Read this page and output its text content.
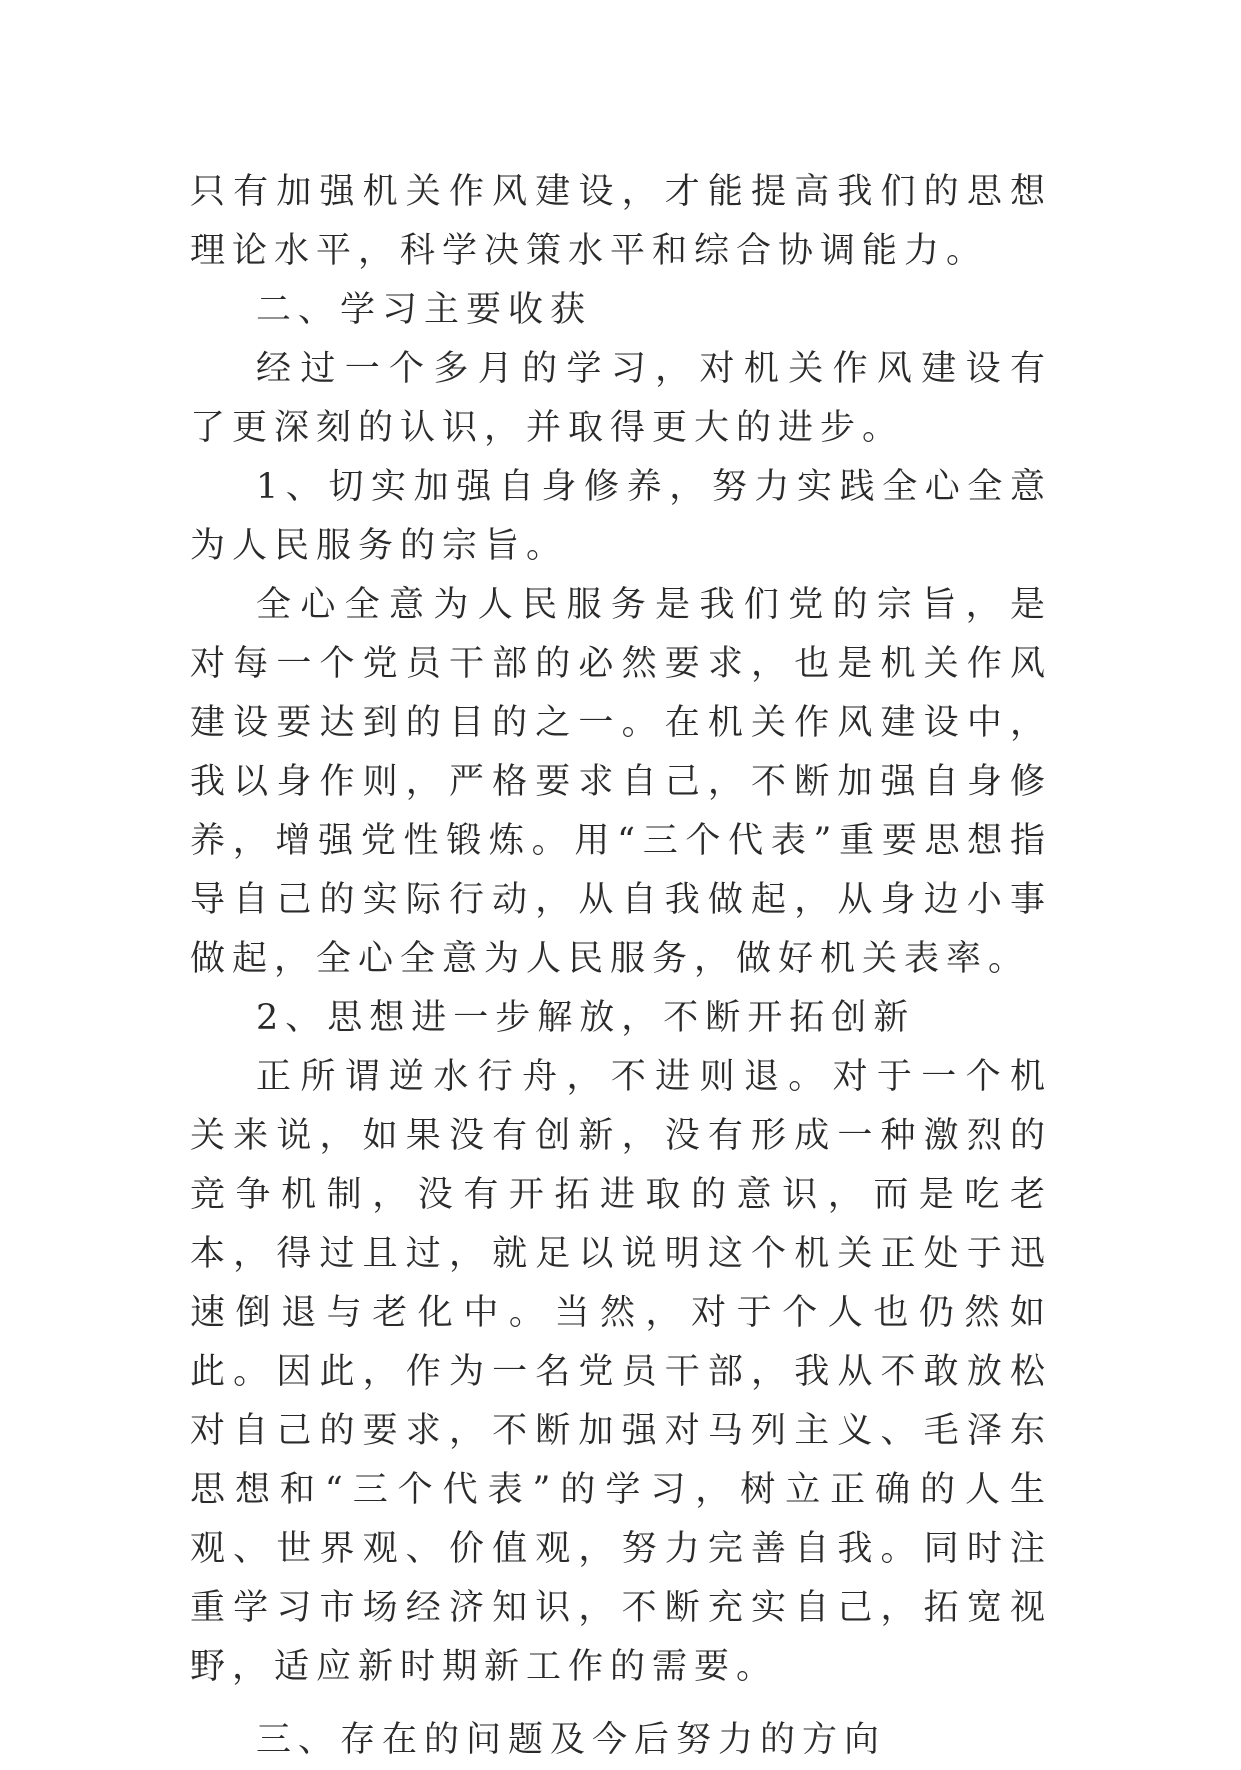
只有加强机关作风建设，才能提高我们的思想理论水平，科学决策水平和综合协调能力。

二、学习主要收获

经过一个多月的学习，对机关作风建设有了更深刻的认识，并取得更大的进步。

1、切实加强自身修养，努力实践全心全意为人民服务的宗旨。

全心全意为人民服务是我们党的宗旨，是对每一个党员干部的必然要求，也是机关作风建设要达到的目的之一。在机关作风建设中，我以身作则，严格要求自己，不断加强自身修养，增强党性锻炼。用“三个代表”重要思想指导自己的实际行动，从自我做起，从身边小事做起，全心全意为人民服务，做好机关表率。

2、思想进一步解放，不断开拓创新

正所谓逆水行舟，不进则退。对于一个机关来说，如果没有创新，没有形成一种激烈的竞争机制，没有开拓进取的意识，而是吃老本，得过且过，就足以说明这个机关正处于迅速倒退与老化中。当然，对于个人也仍然如此。因此，作为一名党员干部，我从不敢放松对自己的要求，不断加强对马列主义、毛泽东思想和“三个代表”的学习，树立正确的人生观、世界观、价值观，努力完善自我。同时注重学习市场经济知识，不断充实自己，拓宽视野，适应新时期新工作的需要。

三、存在的问题及今后努力的方向
